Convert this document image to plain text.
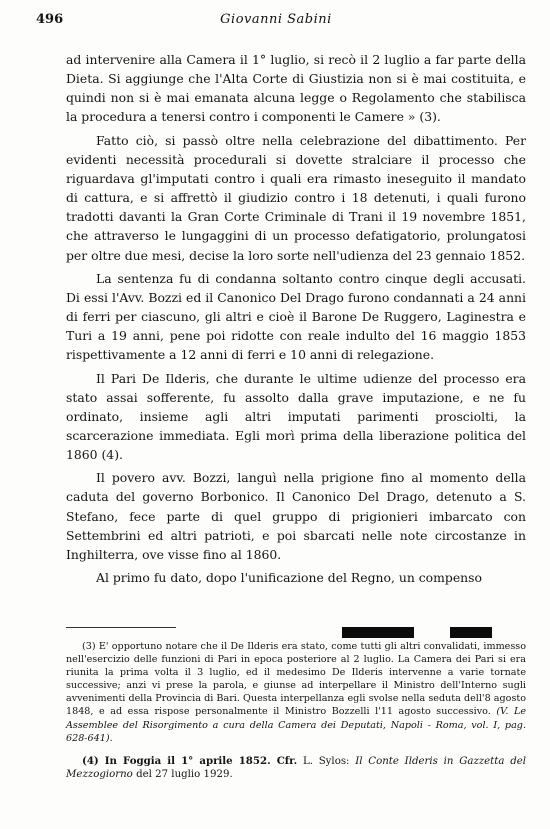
496	Giovanni Sabini

ad intervenire alla Camera il 1° luglio, si recò il 2 luglio a far parte della Dieta. Si aggiunge che l'Alta Corte di Giustizia non si è mai costituita, e quindi non si è mai emanata alcuna legge o Regolamento che stabilisca la procedura a tenersi contro i componenti le Camere » (3).

Fatto ciò, si passò oltre nella celebrazione del dibattimento. Per evidenti necessità procedurali si dovette stralciare il processo che riguardava gl'imputati contro i quali era rimasto ineseguito il mandato di cattura, e si affrettò il giudizio contro i 18 detenuti, i quali furono tradotti davanti la Gran Corte Criminale di Trani il 19 novembre 1851, che attraverso le lungaggini di un processo defatigatorio, prolungatosi per oltre due mesi, decise la loro sorte nell'udienza del 23 gennaio 1852.

La sentenza fu di condanna soltanto contro cinque degli accusati. Di essi l'Avv. Bozzi ed il Canonico Del Drago furono condannati a 24 anni di ferri per ciascuno, gli altri e cioè il Barone De Ruggero, Laginestra e Turi a 19 anni, pene poi ridotte con reale indulto del 16 maggio 1853 rispettivamente a 12 anni di ferri e 10 anni di relegazione.

Il Pari De Ilderis, che durante le ultime udienze del processo era stato assai sofferente, fu assolto dalla grave imputazione, e ne fu ordinato, insieme agli altri imputati parimenti prosciolti, la scarcerazione immediata. Egli morì prima della liberazione politica del 1860 (4).

Il povero avv. Bozzi, languì nella prigione fino al momento della caduta del governo Borbonico. Il Canonico Del Drago, detenuto a S. Stefano, fece parte di quel gruppo di prigionieri imbarcato con Settembrini ed altri patrioti, e poi sbarcati nelle note circostanze in Inghilterra, ove visse fino al 1860.

Al primo fu dato, dopo l'unificazione del Regno, un compenso

(3) E' opportuno notare che il De Ilderis era stato, come tutti gli altri convalidati, immesso nell'esercizio delle funzioni di Pari in epoca posteriore al 2 luglio. La Camera dei Pari si era riunita la prima volta il 3 luglio, ed il medesimo De Ilderis intervenne a varie tornate successive; anzi vi prese la parola, e giunse ad interpellare il Ministro dell'Interno sugli avvenimenti della Provincia di Bari. Questa interpellanza egli svolse nella seduta dell'8 agosto 1848, e ad essa rispose personalmente il Ministro Bozzelli l'11 agosto successivo. (V. Le Assemblee del Risorgimento a cura della Camera dei Deputati, Napoli - Roma, vol. I, pag. 628-641).

(4) In Foggia il 1° aprile 1852. Cfr. L. Sylos: Il Conte Ilderis in Gazzetta del Mezzogiorno del 27 luglio 1929.
